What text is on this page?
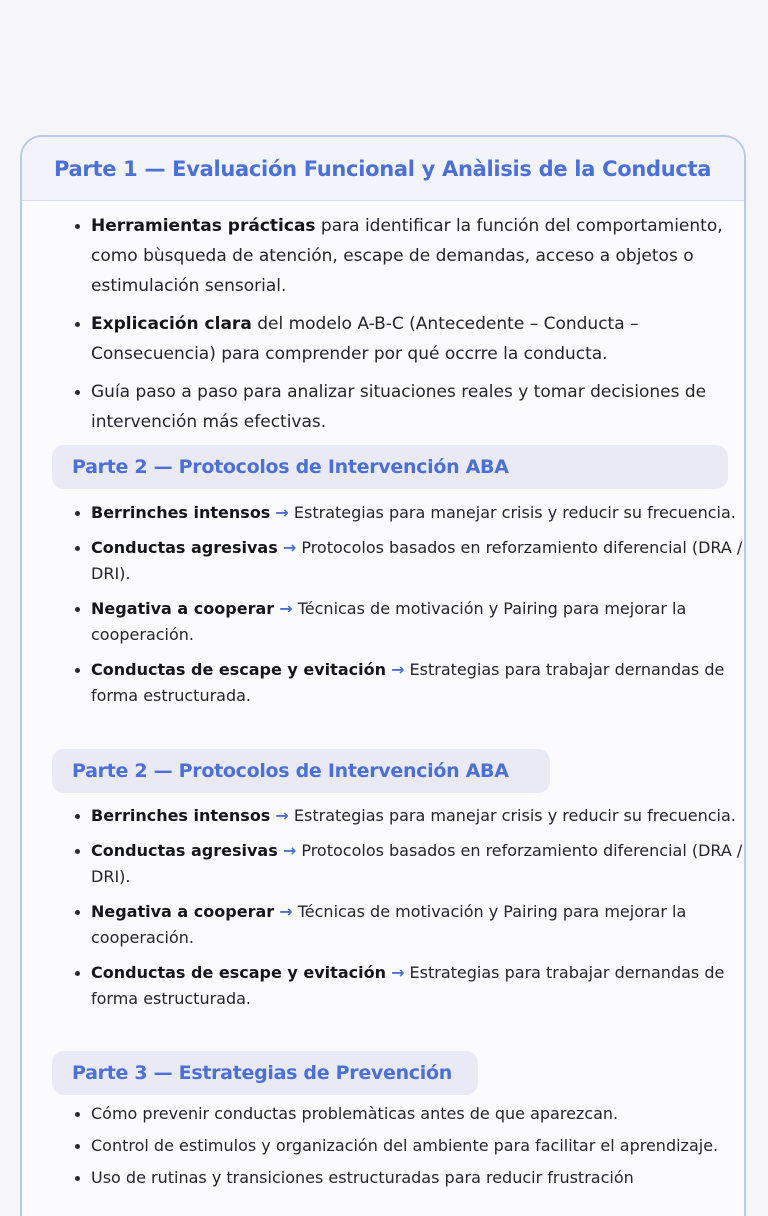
Parte 1 — Evaluación Funcional y Anàlisis de la Conducta
Herramientas prácticas para identificar la función del comportamiento, como bùsqueda de atención, escape de demandas, acceso a objetos o estimulación sensorial.
Explicación clara del modelo A-B-C (Antecedente – Conducta – Consecuencia) para comprender por qué occrre la conducta.
Guía paso a paso para analizar situaciones reales y tomar decisiones de intervención más efectivas.
Parte 2 — Protocolos de Intervención ABA
Berrinches intensos → Estrategias para manejar crisis y reducir su frecuencia.
Conductas agresivas → Protocolos basados en reforzamiento diferencial (DRA / DRI).
Negativa a cooperar → Técnicas de motivación y Pairing para mejorar la cooperación.
Conductas de escape y evitación → Estrategias para trabajar dernandas de forma estructurada.
Parte 2 — Protocolos de Intervención ABA
Berrinches intensos → Estrategias para manejar crisis y reducir su frecuencia.
Conductas agresivas → Protocolos basados en reforzamiento diferencial (DRA / DRI).
Negativa a cooperar → Técnicas de motivación y Pairing para mejorar la cooperación.
Conductas de escape y evitación → Estrategias para trabajar dernandas de forma estructurada.
Parte 3 — Estrategias de Prevención
Cómo prevenir conductas problemàticas antes de que aparezcan.
Control de estimulos y organización del ambiente para facilitar el aprendizaje.
Uso de rutinas y transiciones estructuradas para reducir frustración
